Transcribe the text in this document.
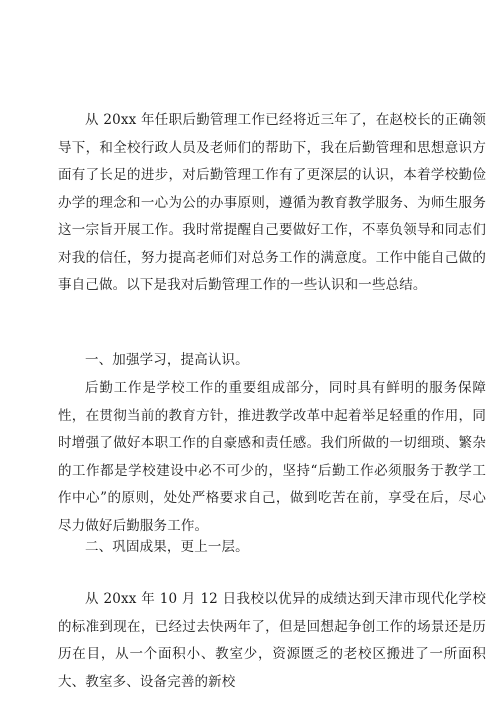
从 20xx 年任职后勤管理工作已经将近三年了，在赵校长的正确领导下，和全校行政人员及老师们的帮助下，我在后勤管理和思想意识方面有了长足的进步，对后勤管理工作有了更深层的认识，本着学校勤俭办学的理念和一心为公的办事原则，遵循为教育教学服务、为师生服务这一宗旨开展工作。我时常提醒自己要做好工作，不辜负领导和同志们对我的信任，努力提高老师们对总务工作的满意度。工作中能自己做的事自己做。以下是我对后勤管理工作的一些认识和一些总结。

一、加强学习，提高认识。

后勤工作是学校工作的重要组成部分，同时具有鲜明的服务保障性，在贯彻当前的教育方针，推进教学改革中起着举足轻重的作用，同时增强了做好本职工作的自豪感和责任感。我们所做的一切细琐、繁杂的工作都是学校建设中必不可少的，坚持“后勤工作必须服务于教学工作中心”的原则，处处严格要求自己，做到吃苦在前，享受在后，尽心尽力做好后勤服务工作。

二、巩固成果，更上一层。

从 20xx 年 10 月 12 日我校以优异的成绩达到天津市现代化学校的标准到现在，已经过去快两年了，但是回想起争创工作的场景还是历历在目，从一个面积小、教室少，资源匮乏的老校区搬进了一所面积大、教室多、设备完善的新校
